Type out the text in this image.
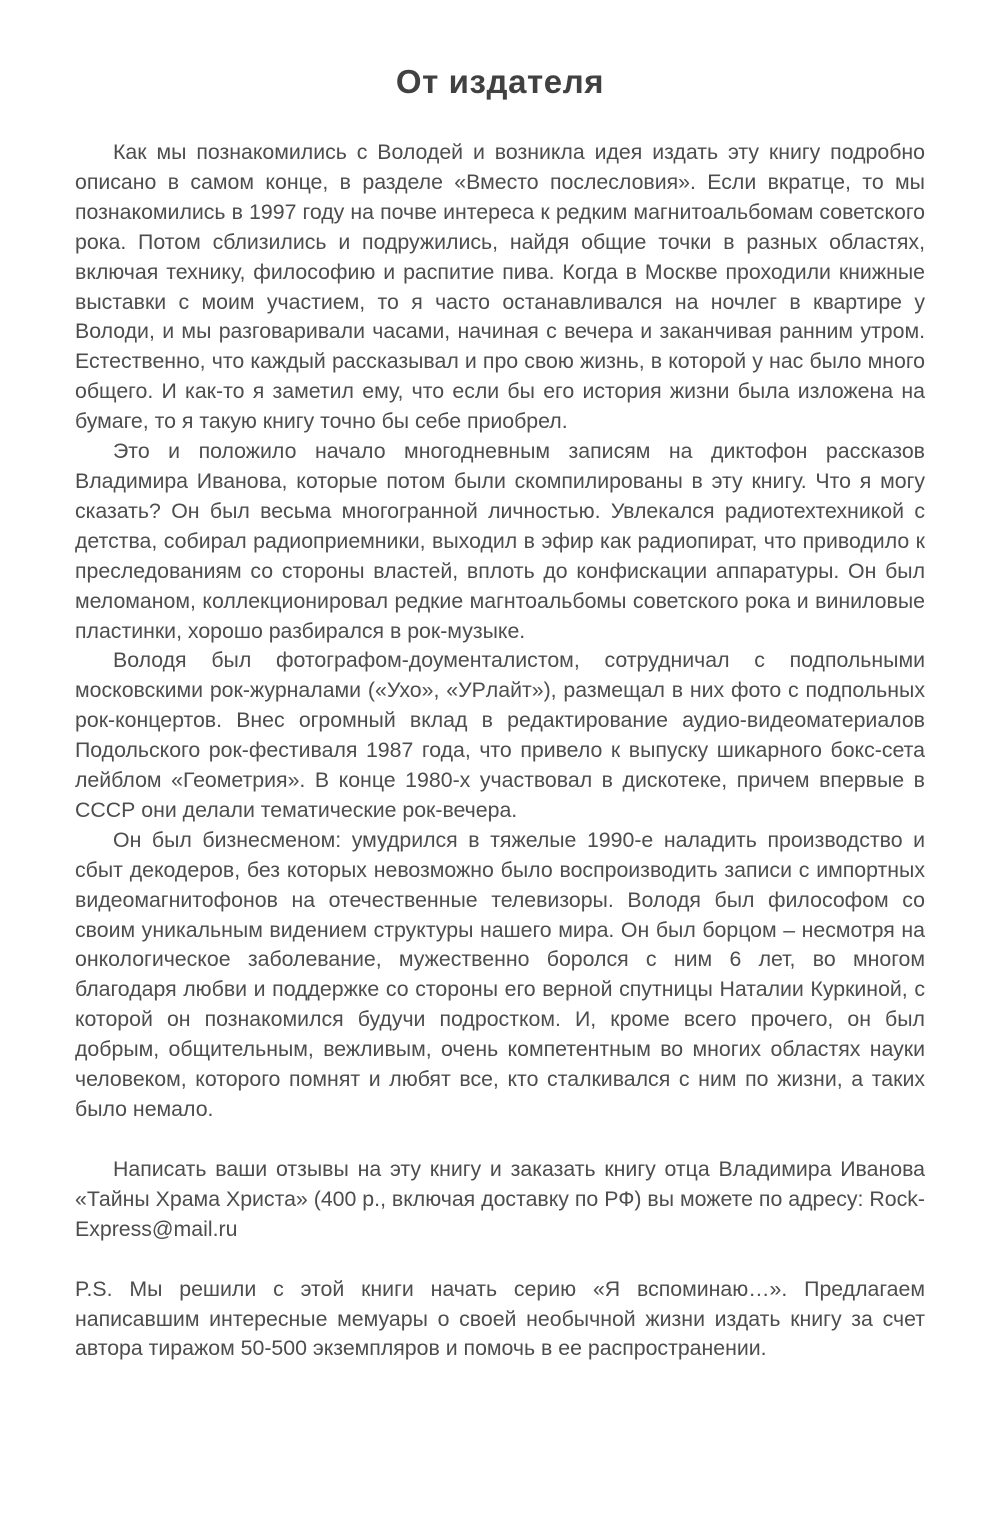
От издателя

Как мы познакомились с Володей и возникла идея издать эту книгу подробно описано в самом конце, в разделе «Вместо послесловия». Если вкратце, то мы познакомились в 1997 году на почве интереса к редким магнитоальбомам советского рока. Потом сблизились и подружились, найдя общие точки в разных областях, включая технику, философию и распитие пива. Когда в Москве проходили книжные выставки с моим участием, то я часто останавливался на ночлег в квартире у Володи, и мы разговаривали часами, начиная с вечера и заканчивая ранним утром. Естественно, что каждый рассказывал и про свою жизнь, в которой у нас было много общего. И как-то я заметил ему, что если бы его история жизни была изложена на бумаге, то я такую книгу точно бы себе приобрел.

Это и положило начало многодневным записям на диктофон рассказов Владимира Иванова, которые потом были скомпилированы в эту книгу. Что я могу сказать? Он был весьма многогранной личностью. Увлекался радиотехтехникой с детства, собирал радиоприемники, выходил в эфир как радиопират, что приводило к преследованиям со стороны властей, вплоть до конфискации аппаратуры. Он был меломаном, коллекционировал редкие магнтоальбомы советского рока и виниловые пластинки, хорошо разбирался в рок-музыке.

Володя был фотографом-доументалистом, сотрудничал с подпольными московскими рок-журналами («Ухо», «УРлайт»), размещал в них фото с подпольных рок-концертов. Внес огромный вклад в редактирование аудио-видеоматериалов Подольского рок-фестиваля 1987 года, что привело к выпуску шикарного бокс-сета лейблом «Геометрия». В конце 1980-х участвовал в дискотеке, причем впервые в СССР они делали тематические рок-вечера.

Он был бизнесменом: умудрился в тяжелые 1990-е наладить производство и сбыт декодеров, без которых невозможно было воспроизводить записи с импортных видеомагнитофонов на отечественные телевизоры. Володя был философом со своим уникальным видением структуры нашего мира. Он был борцом – несмотря на онкологическое заболевание, мужественно боролся с ним 6 лет, во многом благодаря любви и поддержке со стороны его верной спутницы Наталии Куркиной, с которой он познакомился будучи подростком. И, кроме всего прочего, он был добрым, общительным, вежливым, очень компетентным во многих областях науки человеком, которого помнят и любят все, кто сталкивался с ним по жизни, а таких было немало.

Написать ваши отзывы на эту книгу и заказать книгу отца Владимира Иванова «Тайны Храма Христа» (400 р., включая доставку по РФ) вы можете по адресу: Rock-Express@mail.ru

P.S. Мы решили с этой книги начать серию «Я вспоминаю…». Предлагаем написавшим интересные мемуары о своей необычной жизни издать книгу за счет автора тиражом 50-500 экземпляров и помочь в ее распространении.
